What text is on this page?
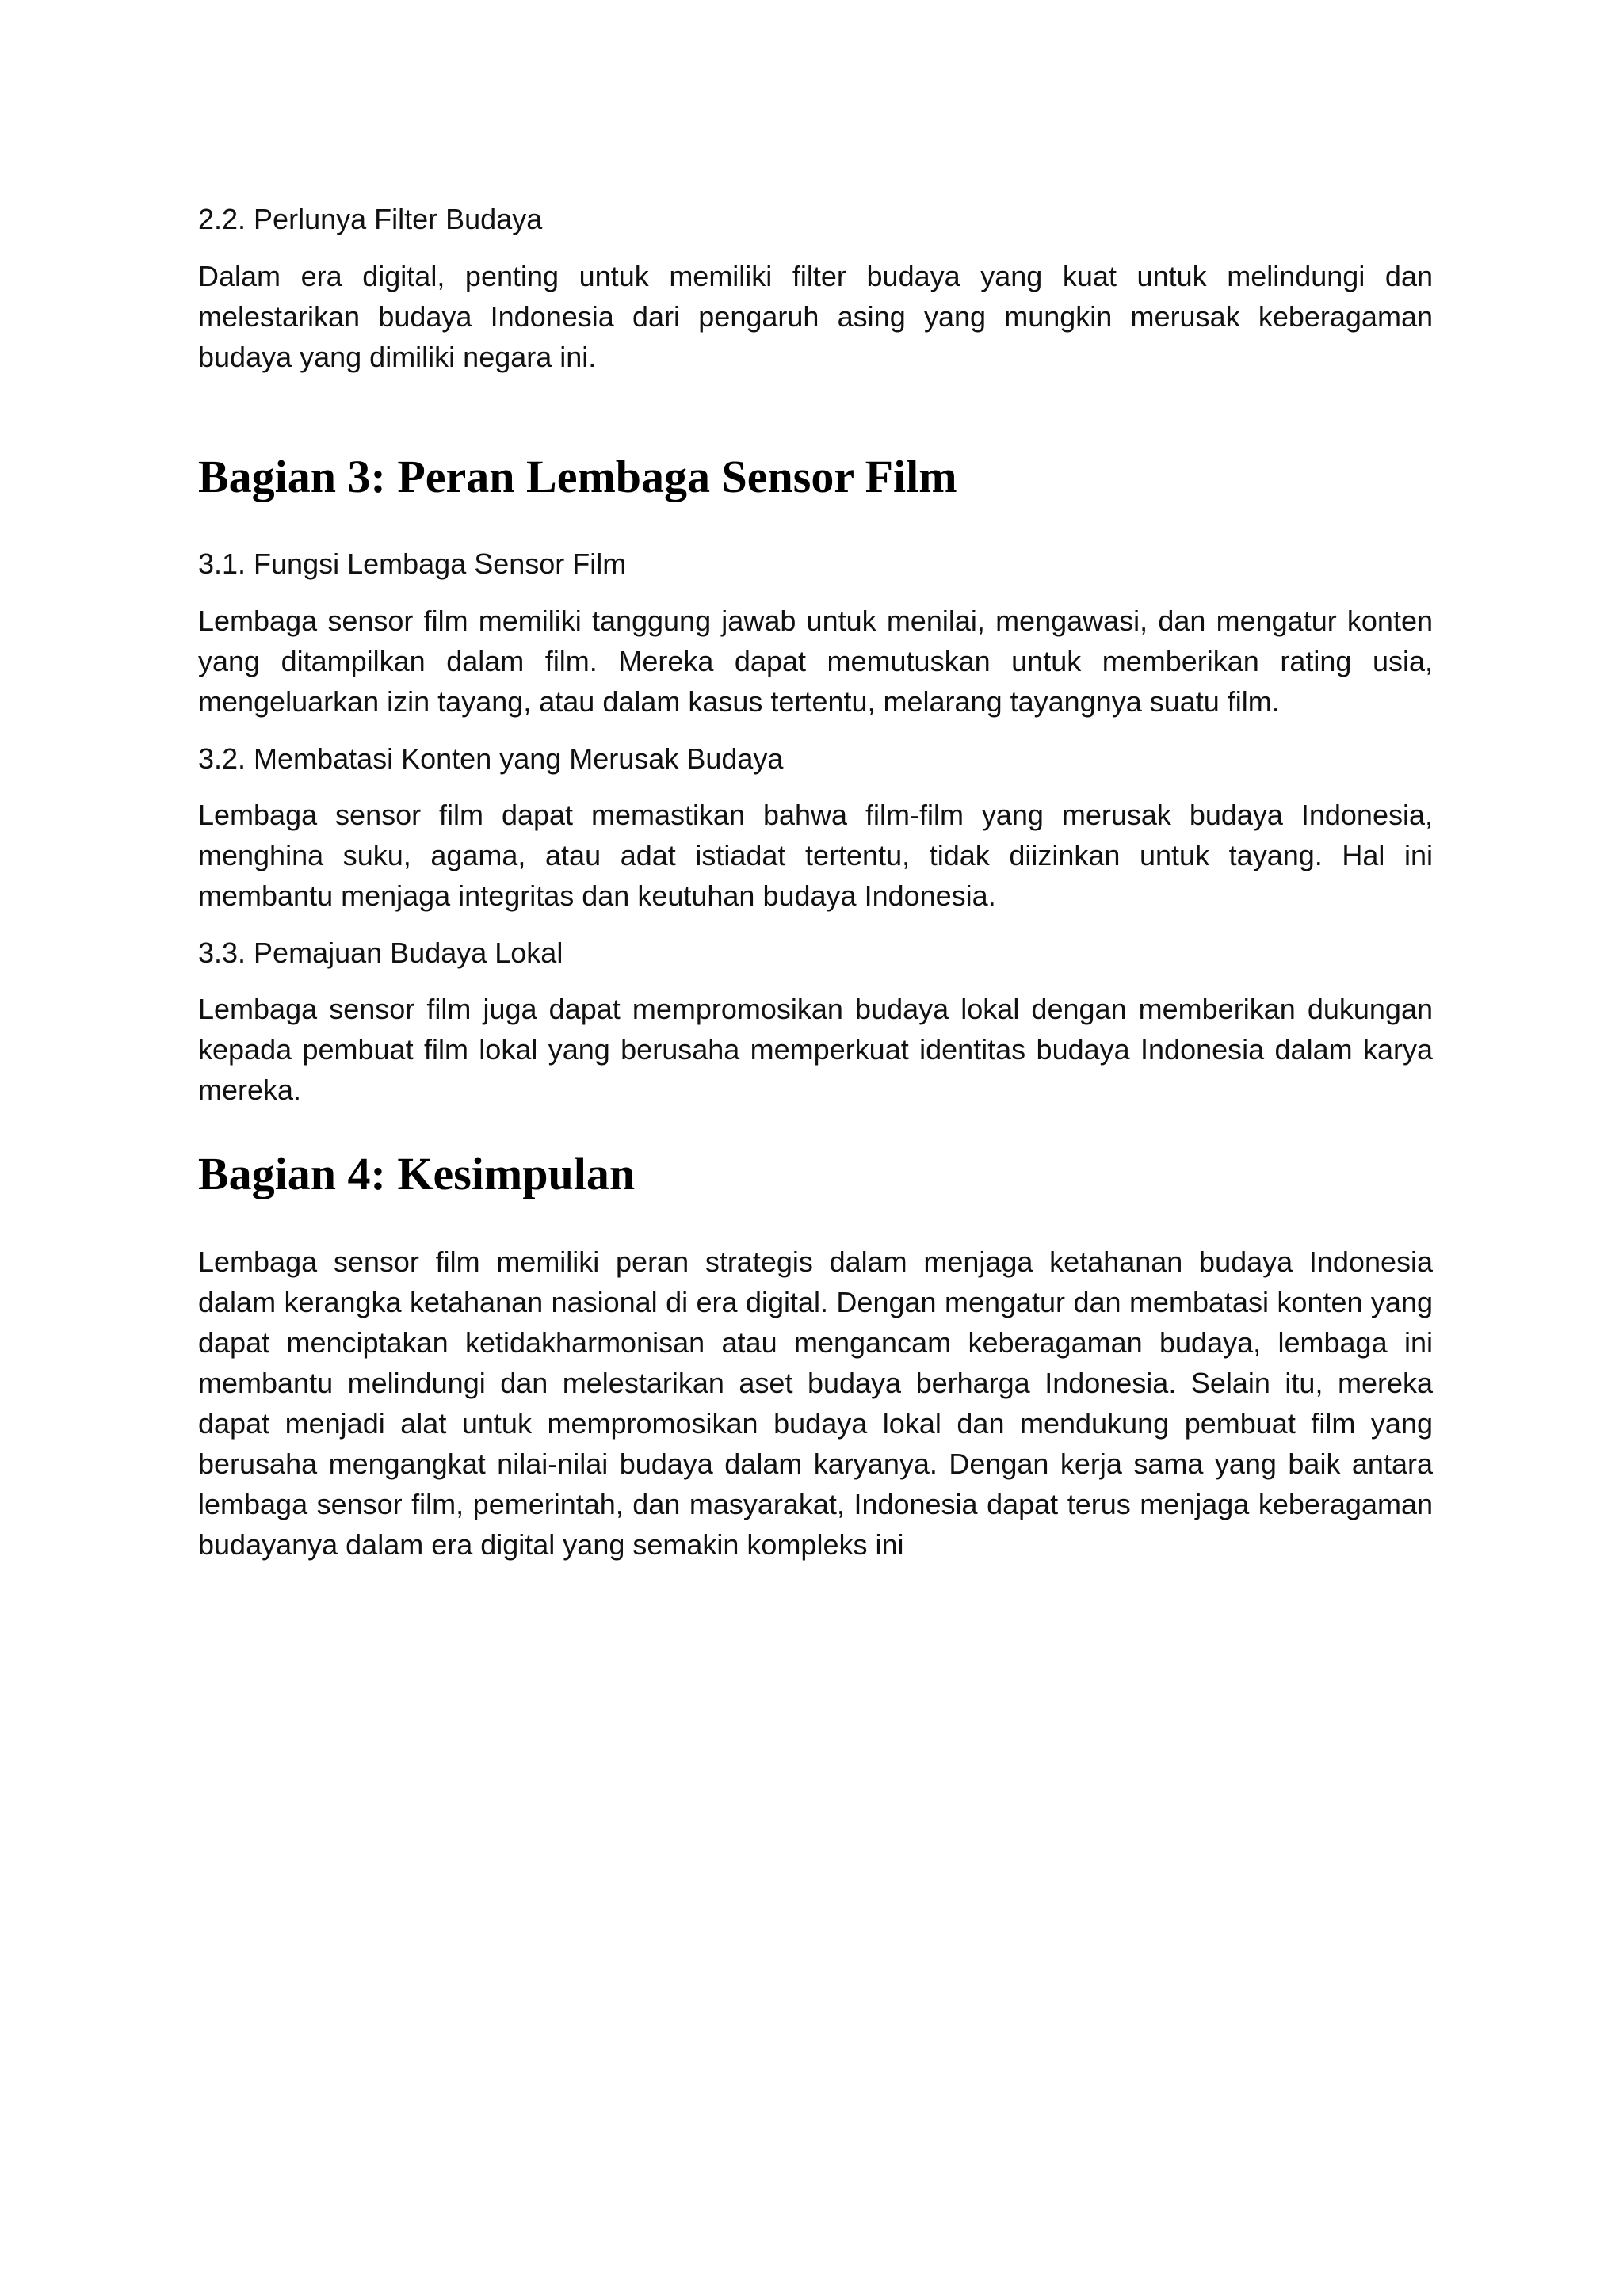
2.2. Perlunya Filter Budaya

Dalam era digital, penting untuk memiliki filter budaya yang kuat untuk melindungi dan melestarikan budaya Indonesia dari pengaruh asing yang mungkin merusak keberagaman budaya yang dimiliki negara ini.

Bagian 3: Peran Lembaga Sensor Film
3.1. Fungsi Lembaga Sensor Film

Lembaga sensor film memiliki tanggung jawab untuk menilai, mengawasi, dan mengatur konten yang ditampilkan dalam film. Mereka dapat memutuskan untuk memberikan rating usia, mengeluarkan izin tayang, atau dalam kasus tertentu, melarang tayangnya suatu film.

3.2. Membatasi Konten yang Merusak Budaya

Lembaga sensor film dapat memastikan bahwa film-film yang merusak budaya Indonesia, menghina suku, agama, atau adat istiadat tertentu, tidak diizinkan untuk tayang. Hal ini membantu menjaga integritas dan keutuhan budaya Indonesia.

3.3. Pemajuan Budaya Lokal

Lembaga sensor film juga dapat mempromosikan budaya lokal dengan memberikan dukungan kepada pembuat film lokal yang berusaha memperkuat identitas budaya Indonesia dalam karya mereka.

Bagian 4: Kesimpulan

Lembaga sensor film memiliki peran strategis dalam menjaga ketahanan budaya Indonesia dalam kerangka ketahanan nasional di era digital. Dengan mengatur dan membatasi konten yang dapat menciptakan ketidakharmonisan atau mengancam keberagaman budaya, lembaga ini membantu melindungi dan melestarikan aset budaya berharga Indonesia. Selain itu, mereka dapat menjadi alat untuk mempromosikan budaya lokal dan mendukung pembuat film yang berusaha mengangkat nilai-nilai budaya dalam karyanya. Dengan kerja sama yang baik antara lembaga sensor film, pemerintah, dan masyarakat, Indonesia dapat terus menjaga keberagaman budayanya dalam era digital yang semakin kompleks ini
